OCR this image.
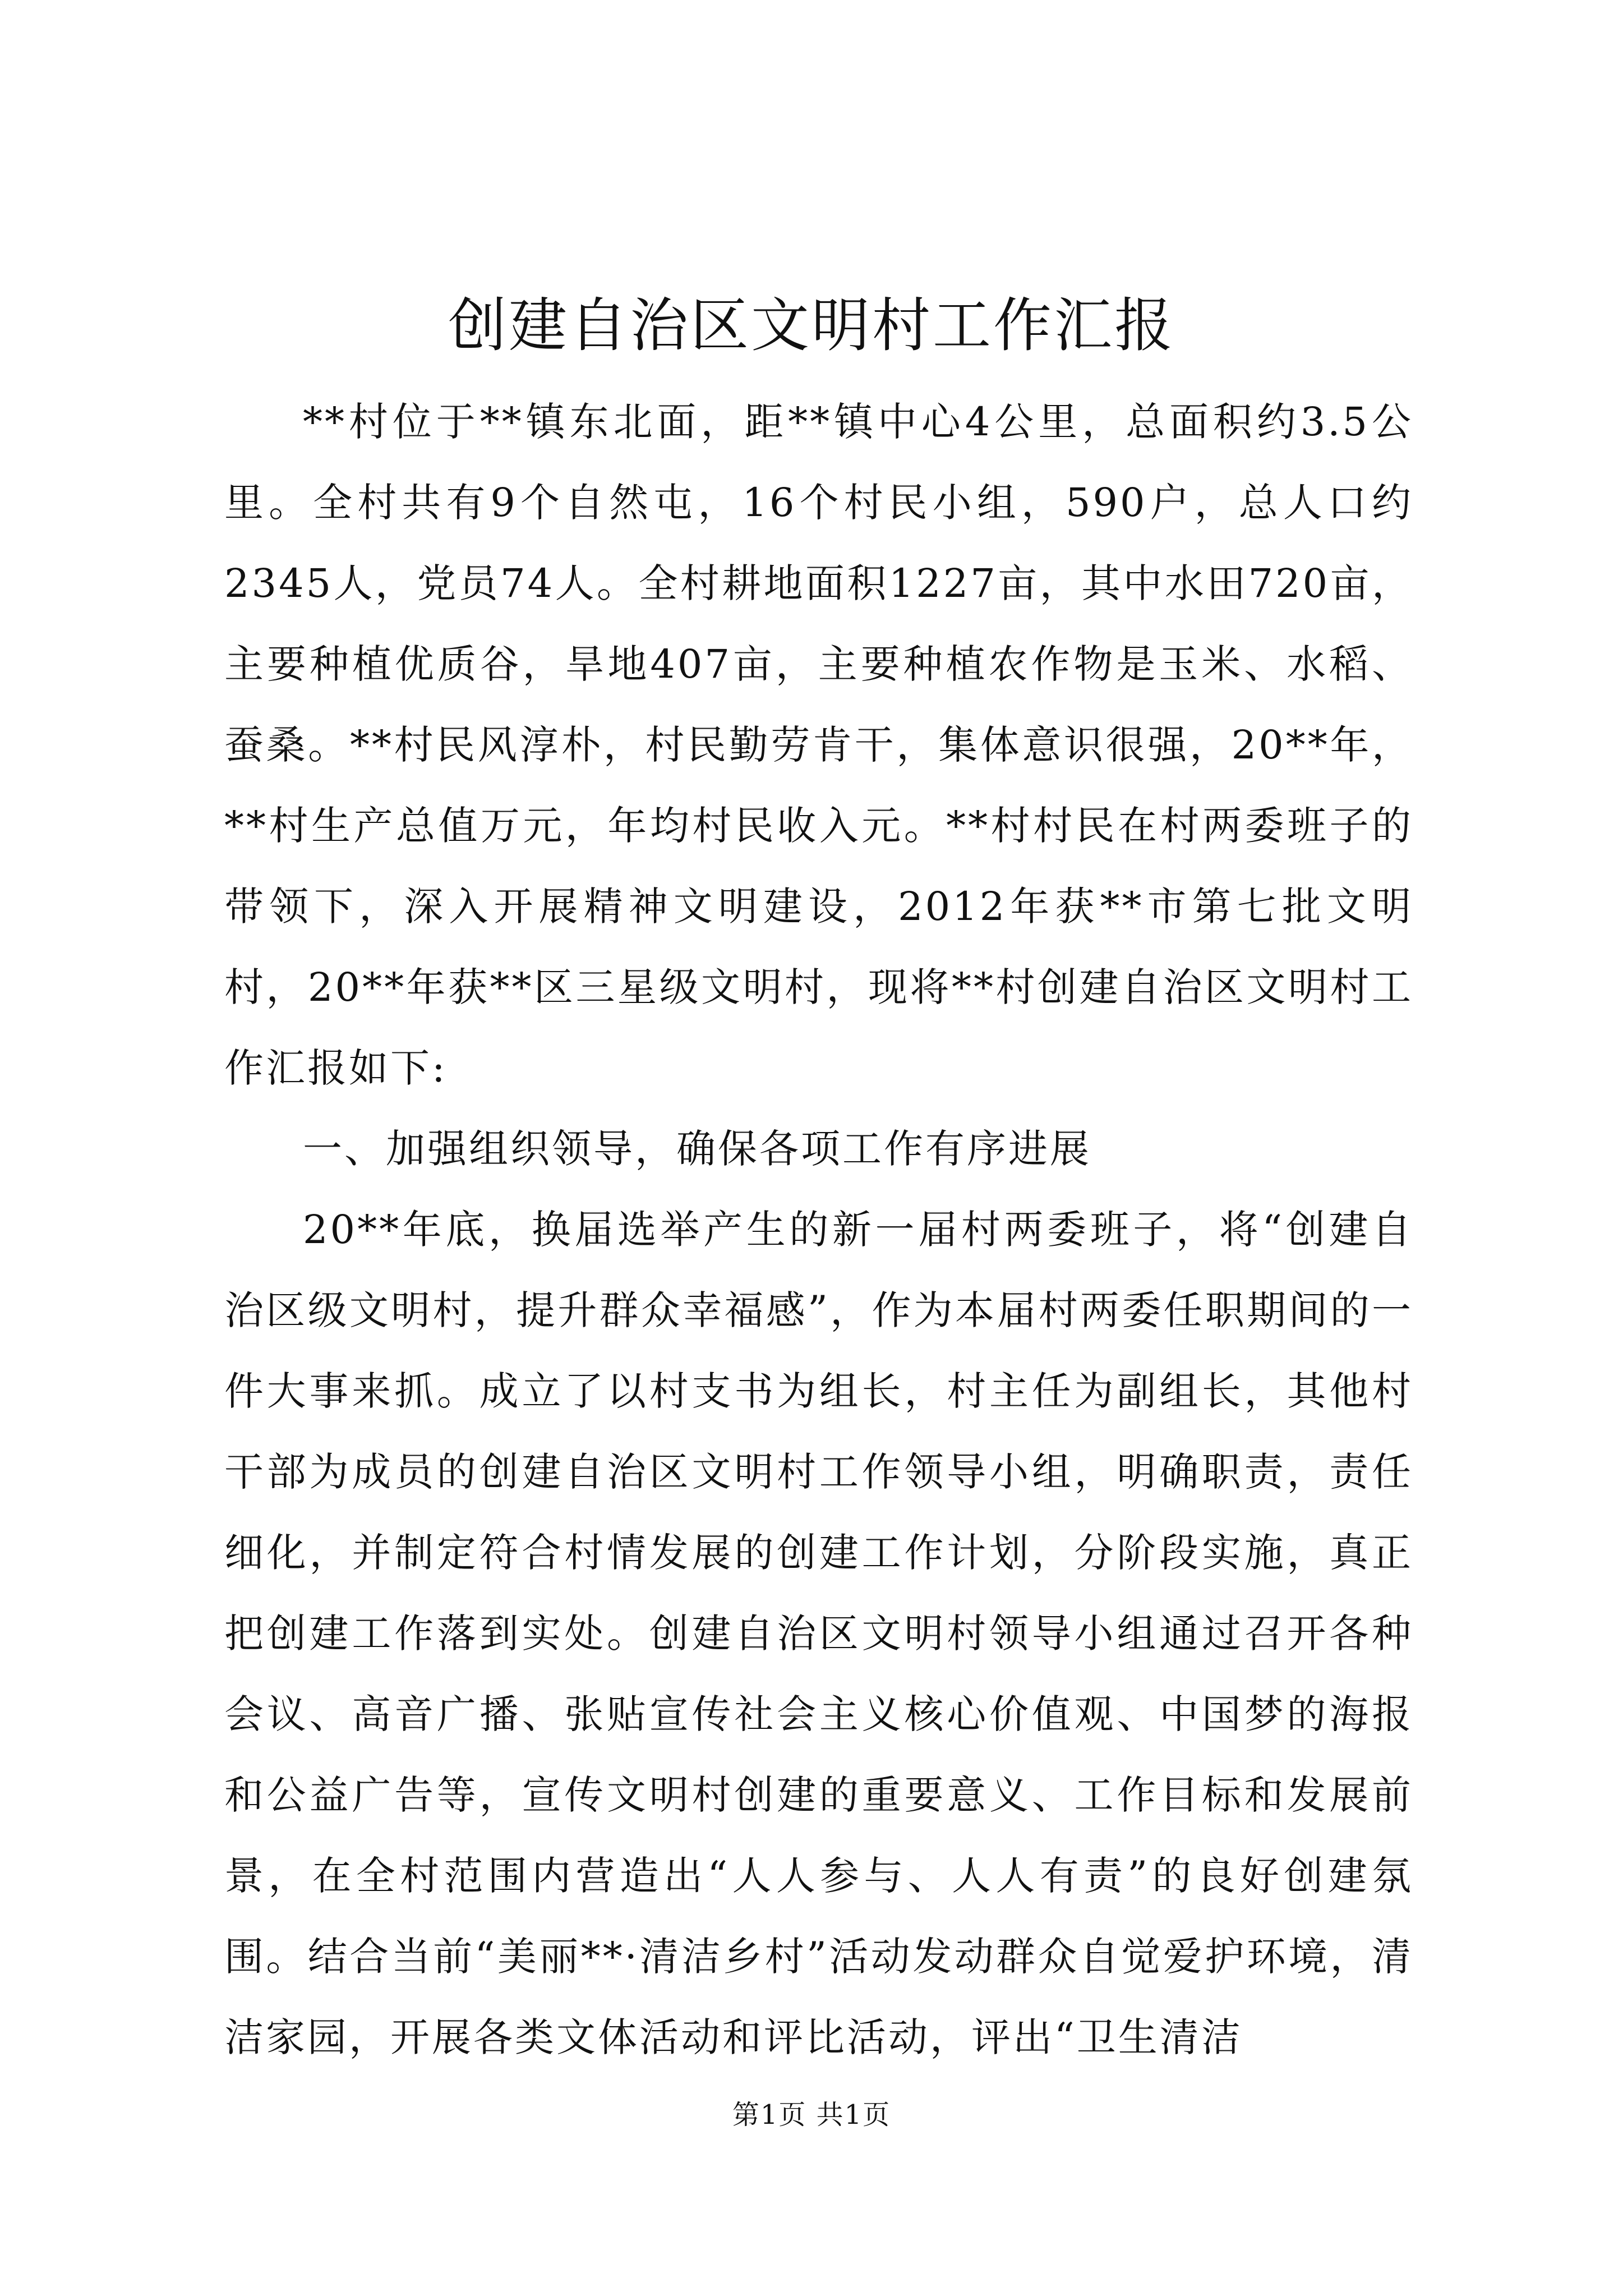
创建自治区文明村工作汇报

**村位于**镇东北面，距**镇中心4公里，总面积约3.5公里。全村共有9个自然屯，16个村民小组，590户，总人口约2345人，党员74人。全村耕地面积1227亩，其中水田720亩，主要种植优质谷，旱地407亩，主要种植农作物是玉米、水稻、蚕桑。**村民风淳朴，村民勤劳肯干，集体意识很强，20**年，**村生产总值万元，年均村民收入元。**村村民在村两委班子的带领下，深入开展精神文明建设，2012年获**市第七批文明村，20**年获**区三星级文明村，现将**村创建自治区文明村工作汇报如下:

一、加强组织领导，确保各项工作有序进展

20**年底，换届选举产生的新一届村两委班子，将“创建自治区级文明村，提升群众幸福感”，作为本届村两委任职期间的一件大事来抓。成立了以村支书为组长，村主任为副组长，其他村干部为成员的创建自治区文明村工作领导小组，明确职责，责任细化，并制定符合村情发展的创建工作计划，分阶段实施，真正把创建工作落到实处。创建自治区文明村领导小组通过召开各种会议、高音广播、张贴宣传社会主义核心价值观、中国梦的海报和公益广告等，宣传文明村创建的重要意义、工作目标和发展前景，在全村范围内营造出“人人参与、人人有责”的良好创建氛围。结合当前“美丽**·清洁乡村”活动发动群众自觉爱护环境，清洁家园，开展各类文体活动和评比活动，评出“卫生清洁

第1页 共1页
